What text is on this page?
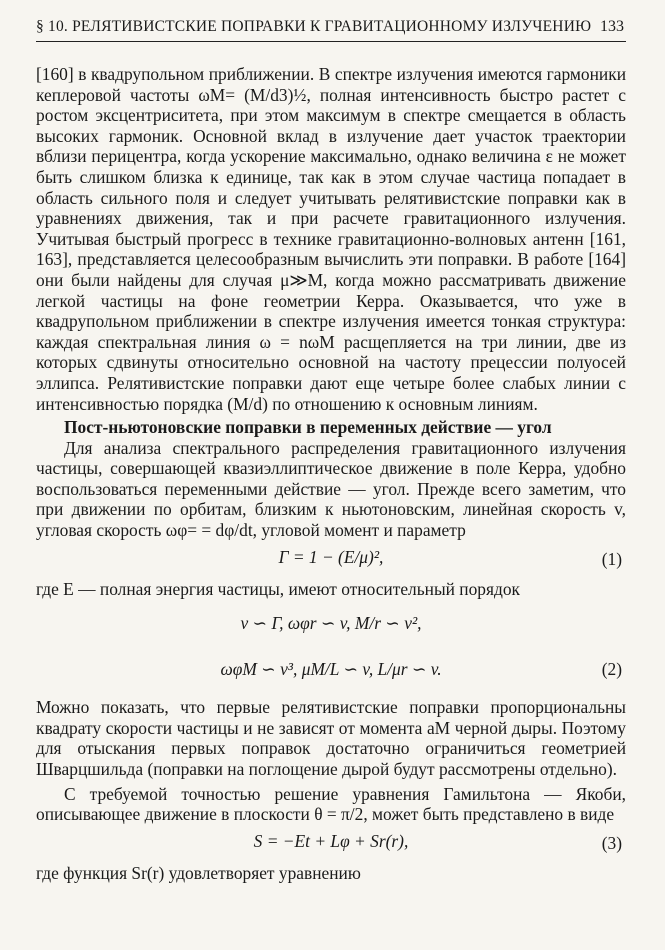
§ 10. РЕЛЯТИВИСТСКИЕ ПОПРАВКИ К ГРАВИТАЦИОННОМУ ИЗЛУЧЕНИЮ 133

[160] в квадрупольном приближении. В спектре излучения имеются гармоники кеплеровой частоты ωM= (M/d3)½, полная интенсивность быстро растет с ростом эксцентриситета, при этом максимум в спектре смещается в область высоких гармоник. Основной вклад в излучение дает участок траектории вблизи перицентра, когда ускорение максимально, однако величина ε не может быть слишком близка к единице, так как в этом случае частица попадает в область сильного поля и следует учитывать релятивистские поправки как в уравнениях движения, так и при расчете гравитационного излучения. Учитывая быстрый прогресс в технике гравитационно-волновых антенн [161, 163], представляется целесообразным вычислить эти поправки. В работе [164] они были найдены для случая μ≫M, когда можно рассматривать движение легкой частицы на фоне геометрии Керра. Оказывается, что уже в квадрупольном приближении в спектре излучения имеется тонкая структура: каждая спектральная линия ω = nωM расщепляется на три линии, две из которых сдвинуты относительно основной на частоту прецессии полуосей эллипса. Релятивистские поправки дают еще четыре более слабых линии с интенсивностью порядка (M/d) по отношению к основным линиям.

Пост-ньютоновские поправки в переменных действие — угол

Для анализа спектрального распределения гравитационного излучения частицы, совершающей квазиэллиптическое движение в поле Керра, удобно воспользоваться переменными действие — угол. Прежде всего заметим, что при движении по орбитам, близким к ньютоновским, линейная скорость v, угловая скорость ωφ= = dφ/dt, угловой момент и параметр

Γ = 1 − (E/μ)²,	(1)

где E — полная энергия частицы, имеют относительный порядок

v ∽ Γ, ωφr ∽ v, M/r ∽ v²,
ωφM ∽ v³, μM/L ∽ v, L/μr ∽ v.	(2)

Можно показать, что первые релятивистские поправки пропорциональны квадрату скорости частицы и не зависят от момента aM черной дыры. Поэтому для отыскания первых поправок достаточно ограничиться геометрией Шварцшильда (поправки на поглощение дырой будут рассмотрены отдельно).

С требуемой точностью решение уравнения Гамильтона — Якоби, описывающее движение в плоскости θ = π/2, может быть представлено в виде

S = −Et + Lφ + Sr(r),	(3)

где функция Sr(r) удовлетворяет уравнению
